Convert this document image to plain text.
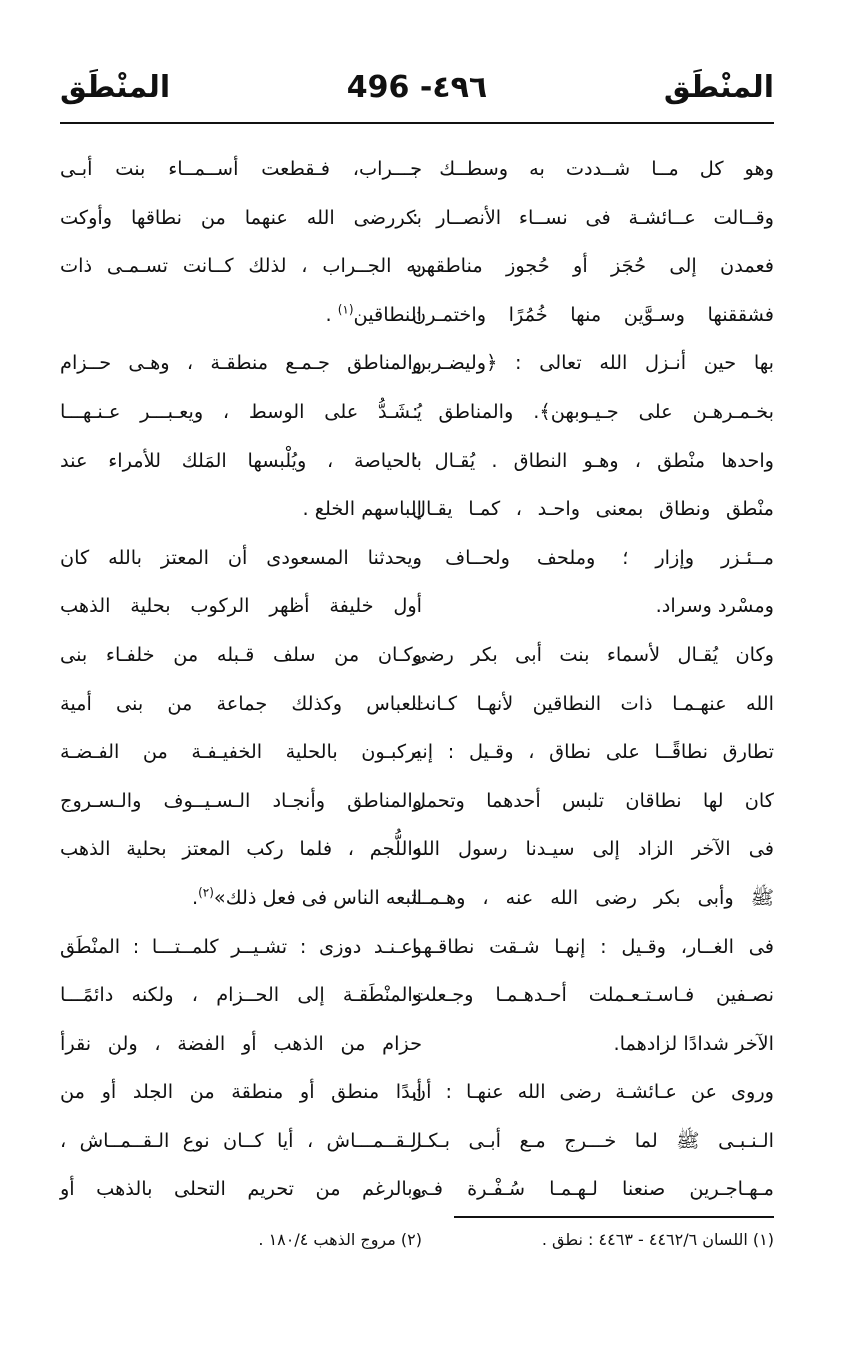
المنْطَق
496 -٤٩٦
المنْطَق

وهو كل مــا شــددت به وسطــك ،

وقــالت عــائشـة فى نســاء الأنصــار :

فعمدن إلى حُجَز أو حُجوز مناطقهن

فشققنها وسـوَّين منها خُمُرًا واختمـرن

بها حين أنـزل الله تعالى : ﴿وليضـربن

بخـمـرهـن على جـيـوبهن﴾. والمناطق :

واحدها منْطق ، وهـو النطاق . يُقـال :

منْطق ونطاق بمعنى واحـد ، كمـا يقـال

مــئـزر وإزار ؛ وملحف ولحــاف ،

ومسْرد وسراد.

وكان يُقـال لأسماء بنت أبى بكر رضى

الله عنهـمـا ذات النطاقين لأنهـا كـانت

تطارق نطاقًــا على نطاق ، وقـيل : إنه

كان لها نطاقان تلبس أحدهما وتحمل

فى الآخر الزاد إلى سيـدنا رسول الله

ﷺ وأبى بكر رضى الله عنه ، وهـمــا

فى الغــار، وقـيل : إنهـا شـقت نطاقـهـا

نصـفين فـاسـتـعـملت أحـدهـمـا وجـعلت

الآخر شدادًا لزادهما.

وروى عن عـائشـة رضى الله عنهـا : أن

الـنـبـى ﷺ لما خـــرج مـع أبـى بـكـر

مـهـاجـرين صنعنا لـهـمـا سُـفْـرة فـى

جـــراب، فـقطعت أســمــاء بنت أبـى

بكررضى الله عنهما من نطاقها وأوكت

به الجــراب ، لذلك كــانت تسـمـى ذات

النطاقين$^{(١)}$ .

والمناطق جـمـع منطقـة ، وهـى حــزام

يُـشَـدُّ على الوسط ، ويعـبـــر عـنـهـــا

بالحياصة ، ويُلْبسها المَلك للأمراء عند

إلباسهم الخلع .

ويحدثنا المسعودى أن المعتز بالله كان

أول خليفة أظهر الركوب بحلية الذهب

وكـان من سلف قـبله من خلفـاء بنى

العباس وكذلك جماعة من بنى أمية

يركبـون بالحلية الخفيـفـة من الفـضـة

والمناطق وأنجـاد الـسـيــوف والـسـروج

واللُّجم ، فلما ركب المعتز بحلية الذهب

اتبعه الناس فى فعل ذلك»$^{(٢)}$.

وعـنـد دوزى : تشـيــر كلمــتـــا : المنْطَق

والمنْطَقـة إلى الحــزام ، ولكنه دائمًـــا

حزام من الذهب أو الفضة ، ولن نقرأ

أبدًا منطق أو منطقة من الجلد أو من

الـقــمـــاش ، أيا كــان نوع الـقــمــاش ،

وبالرغم من تحريم التحلى بالذهب أو

(١) اللسان ٤٤٦٢/٦ - ٤٤٦٣ : نطق .
(٢) مروج الذهب ١٨٠/٤ .
